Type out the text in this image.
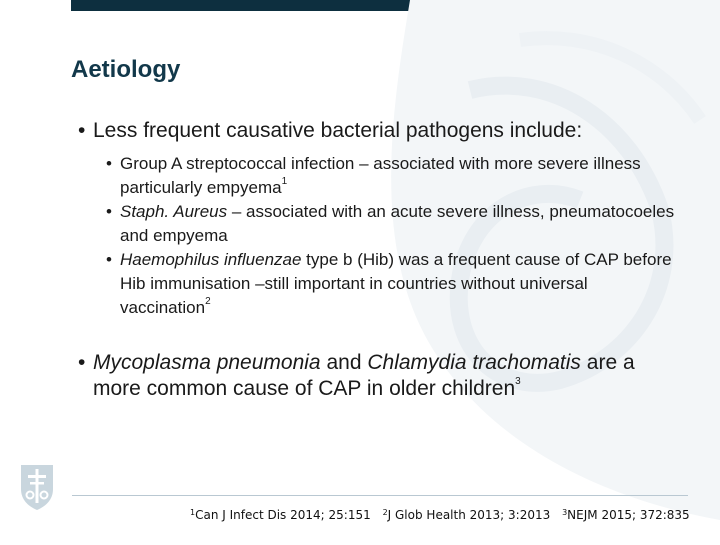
Aetiology

• Less frequent causative bacterial pathogens include:

• Group A streptococcal infection – associated with more severe illness particularly empyema$^1$

• Staph. Aureus – associated with an acute severe illness, pneumatocoeles and empyema

• Haemophilus influenzae type b (Hib) was a frequent cause of CAP before Hib immunisation –still important in countries without universal vaccination$^2$

• Mycoplasma pneumonia and Chlamydia trachomatis are a more common cause of CAP in older children$^3$

$^1$Can J Infect Dis 2014; 25:151 $^2$J Glob Health 2013; 3:2013 $^3$NEJM 2015; 372:835
